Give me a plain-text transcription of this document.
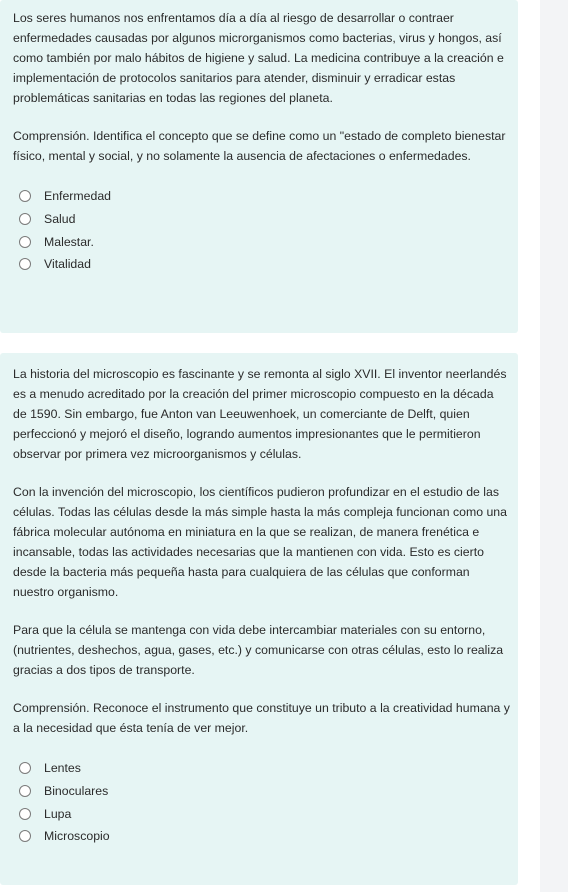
Los seres humanos nos enfrentamos día a día al riesgo de desarrollar o contraer enfermedades causadas por algunos microrganismos como bacterias, virus y hongos, así como también por malo hábitos de higiene y salud. La medicina contribuye a la creación e implementación de protocolos sanitarios para atender, disminuir y erradicar estas problemáticas sanitarias en todas las regiones del planeta.

Comprensión. Identifica el concepto que se define como un "estado de completo bienestar físico, mental y social, y no solamente la ausencia de afectaciones o enfermedades.

Enfermedad
Salud
Malestar.
Vitalidad

La historia del microscopio es fascinante y se remonta al siglo XVII. El inventor neerlandés es a menudo acreditado por la creación del primer microscopio compuesto en la década de 1590. Sin embargo, fue Anton van Leeuwenhoek, un comerciante de Delft, quien perfeccionó y mejoró el diseño, logrando aumentos impresionantes que le permitieron observar por primera vez microorganismos y células.

Con la invención del microscopio, los científicos pudieron profundizar en el estudio de las células. Todas las células desde la más simple hasta la más compleja funcionan como una fábrica molecular autónoma en miniatura en la que se realizan, de manera frenética e incansable, todas las actividades necesarias que la mantienen con vida. Esto es cierto desde la bacteria más pequeña hasta para cualquiera de las células que conforman nuestro organismo.

Para que la célula se mantenga con vida debe intercambiar materiales con su entorno, (nutrientes, deshechos, agua, gases, etc.) y comunicarse con otras células, esto lo realiza gracias a dos tipos de transporte.

Comprensión. Reconoce el instrumento que constituye un tributo a la creatividad humana y a la necesidad que ésta tenía de ver mejor.

Lentes
Binoculares
Lupa
Microscopio
